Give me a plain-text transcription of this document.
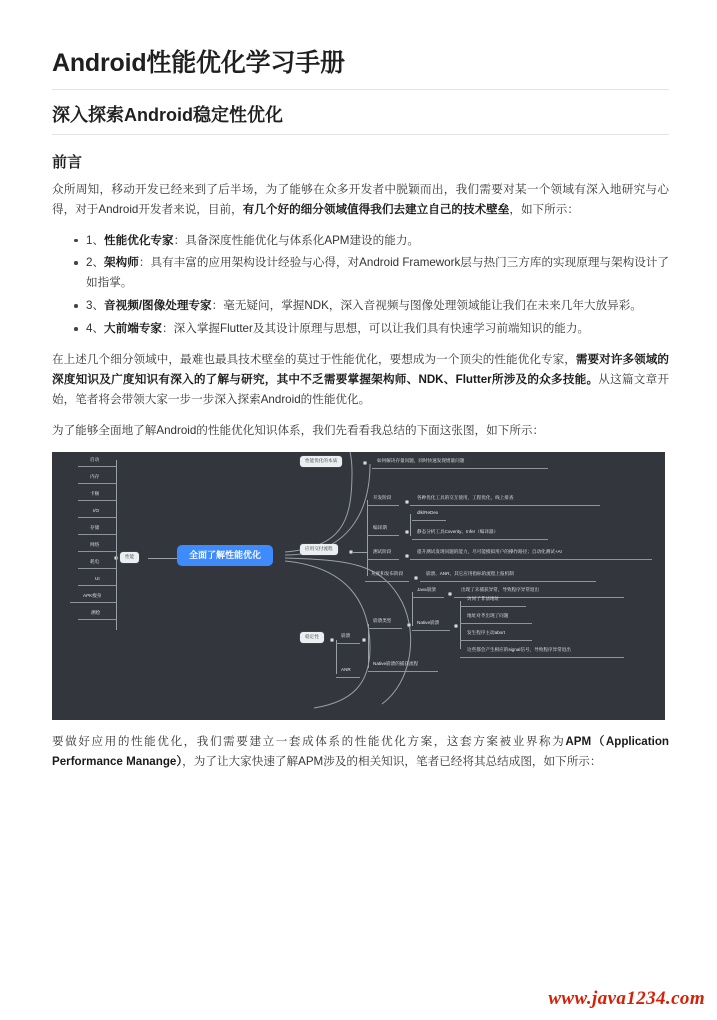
Android性能优化学习手册
深入探索Android稳定性优化
前言

众所周知，移动开发已经来到了后半场，为了能够在众多开发者中脱颖而出，我们需要对某一个领域有深入地研究与心得，对于Android开发者来说，目前，有几个好的细分领域值得我们去建立自己的技术壁垒，如下所示：

1、性能优化专家：具备深度性能优化与体系化APM建设的能力。
2、架构师：具有丰富的应用架构设计经验与心得，对Android Framework层与热门三方库的实现原理与架构设计了如指掌。
3、音视频/图像处理专家：毫无疑问，掌握NDK，深入音视频与图像处理领域能让我们在未来几年大放异彩。
4、大前端专家：深入掌握Flutter及其设计原理与思想，可以让我们具有快速学习前端知识的能力。

在上述几个细分领域中，最难也最具技术壁垒的莫过于性能优化，要想成为一个顶尖的性能优化专家，需要对许多领域的深度知识及广度知识有深入的了解与研究，其中不乏需要掌握架构师、NDK、Flutter所涉及的众多技能。从这篇文章开始，笔者将会带领大家一步一步深入探索Android的性能优化。

为了能够全面地了解Android的性能优化知识体系，我们先看看我总结的下面这张图，如下所示：

全面了解性能优化
性能
启动
内存
卡顿
I/O
存储
网络
耗电
UI
APK瘦身
测绘
性能优化的本质	如何解决存量问题，同时快速发现增量问题
应用交付流程
开发阶段	各种优化工具的交互使用，工程优化，线上排查
编译期
dlk/ReDex
静态分析工具Coverity、Infer（编译器）
测试阶段	提升测试发现问题的能力，尽可能模拟用户的操作路径；自动化测试+AI
灰度和发布阶段	崩溃、ANR、其它应用指标的流程上报机制
稳定性	崩溃
ANR
崩溃类型
Native崩溃的捕获流程
Java崩溃	出现了未捕获异常，导致程序异常退出
Native崩溃
访问了非法地址
地址对齐出现了问题
发生程序主动abort
这些都会产生相应的signal信号，导致程序异常退出

要做好应用的性能优化，我们需要建立一套成体系的性能优化方案，这套方案被业界称为APM（Application Performance Manange），为了让大家快速了解APM涉及的相关知识，笔者已经将其总结成图，如下所示：

www.java1234.com
